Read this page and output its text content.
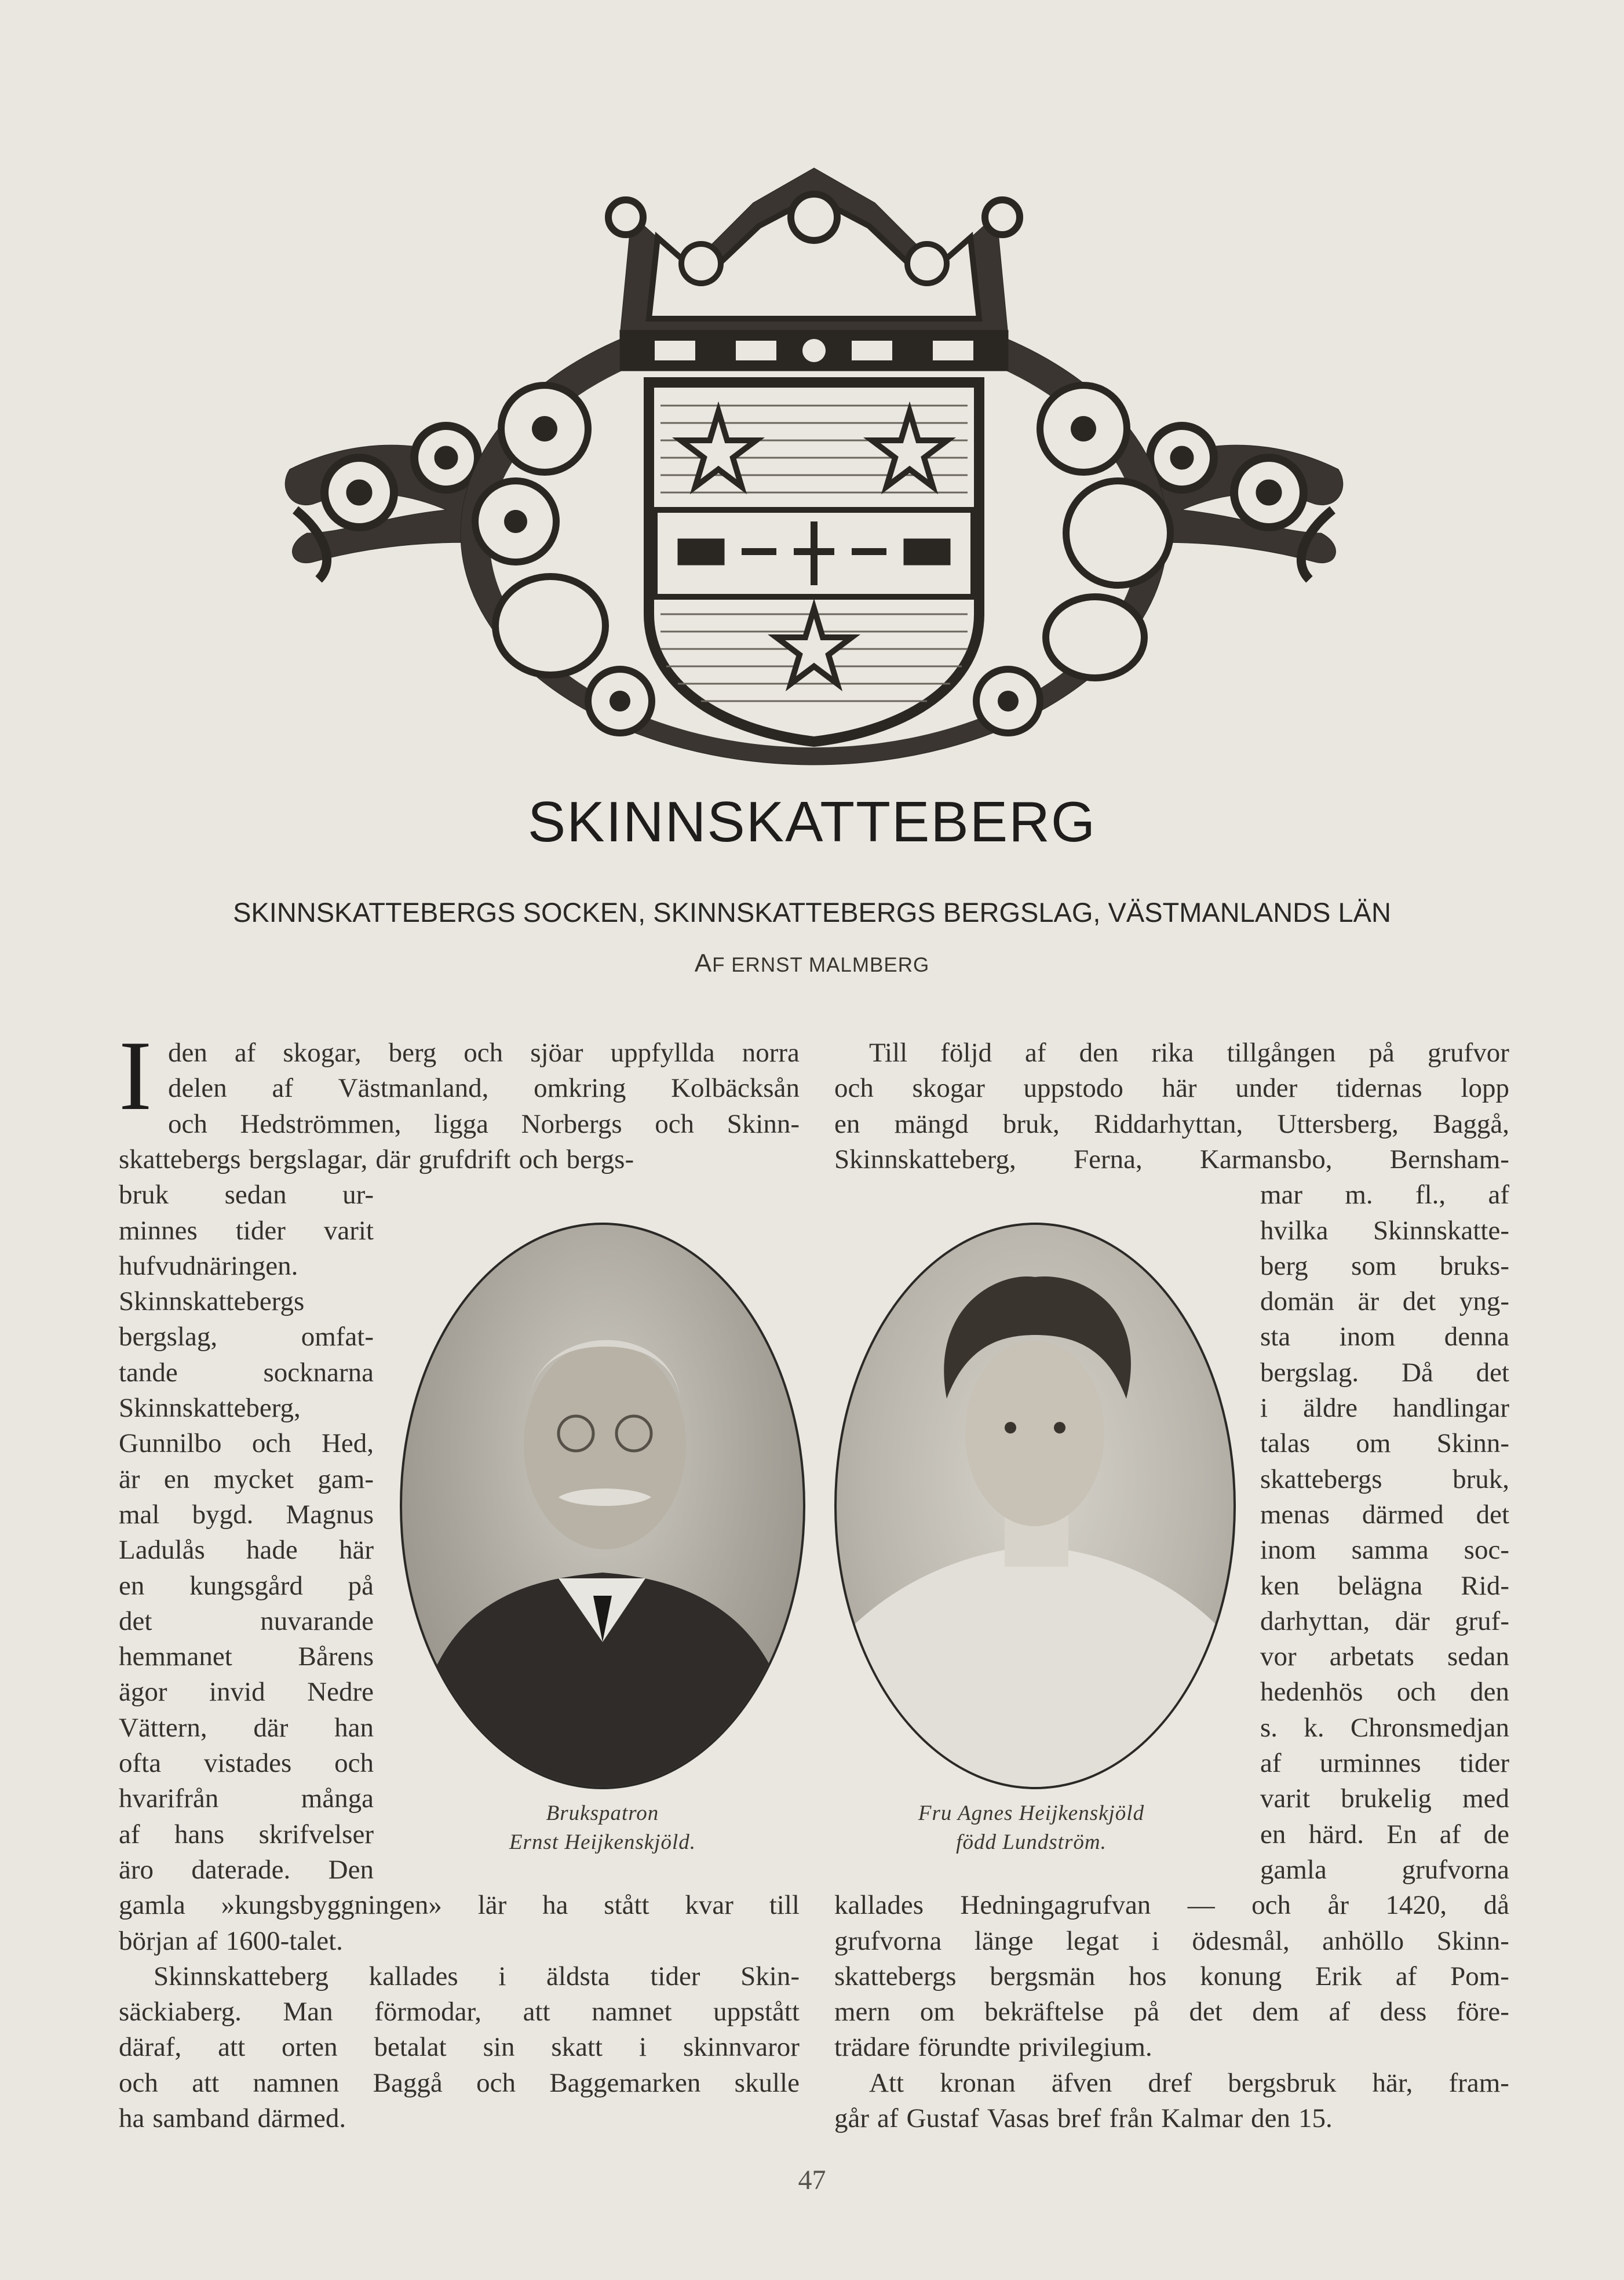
SKINNSKATTEBERG
SKINNSKATTEBERGS SOCKEN, SKINNSKATTEBERGS BERGSLAG, VÄSTMANLANDS LÄN
AF ERNST MALMBERG
I den af skogar, berg och sjöar uppfyllda norra
delen af Västmanland, omkring Kolbäcksån
och Hedströmmen, ligga Norbergs och Skinn-
skattebergs bergslagar, där grufdrift och bergs-
bruk sedan ur-
minnes tider varit
hufvudnäringen.
Skinnskattebergs
bergslag,	omfat-
tande	socknarna
Skinnskatteberg,
Gunnilbo och Hed,
är en mycket gam-
mal bygd. Magnus
Ladulås hade här
en kungsgård på
det	nuvarande
hemmanet Bårens
ägor invid Nedre
Vättern, där han
ofta vistades och
hvarifrån	många
af hans skrifvelser
äro daterade. Den
gamla »kungsbyggningen» lär ha stått kvar till
början af 1600-talet.
Skinnskatteberg kallades i äldsta tider Skin-
säckiaberg. Man förmodar, att namnet uppstått
däraf, att orten betalat sin skatt i skinnvaror
och att namnen Baggå och Baggemarken skulle
ha samband därmed.
Till följd af den rika tillgången på grufvor
och skogar uppstodo här under tidernas lopp
en mängd bruk, Riddarhyttan, Uttersberg, Baggå,
Skinnskatteberg, Ferna, Karmansbo, Bernsham-
mar m. fl., af
hvilka Skinnskatte-
berg som bruks-
domän är det yng-
sta inom denna
bergslag. Då det
i äldre handlingar
talas om Skinn-
skattebergs	bruk,
menas därmed det
inom samma soc-
ken belägna Rid-
darhyttan, där gruf-
vor arbetats sedan
hedenhös och den
s. k. Chronsmedjan
af urminnes tider
varit brukelig med
en härd. En af de
gamla	grufvorna
kallades Hedningagrufvan — och år 1420, då
grufvorna länge legat i ödesmål, anhöllo Skinn-
skattebergs bergsmän hos konung Erik af Pom-
mern om bekräftelse på det dem af dess före-
trädare förundte privilegium.
Att kronan äfven dref bergsbruk här, fram-
går af Gustaf Vasas bref från Kalmar den 15.
Brukspatron
Ernst Heijkenskjöld.
Fru Agnes Heijkenskjöld
född Lundström.
47
